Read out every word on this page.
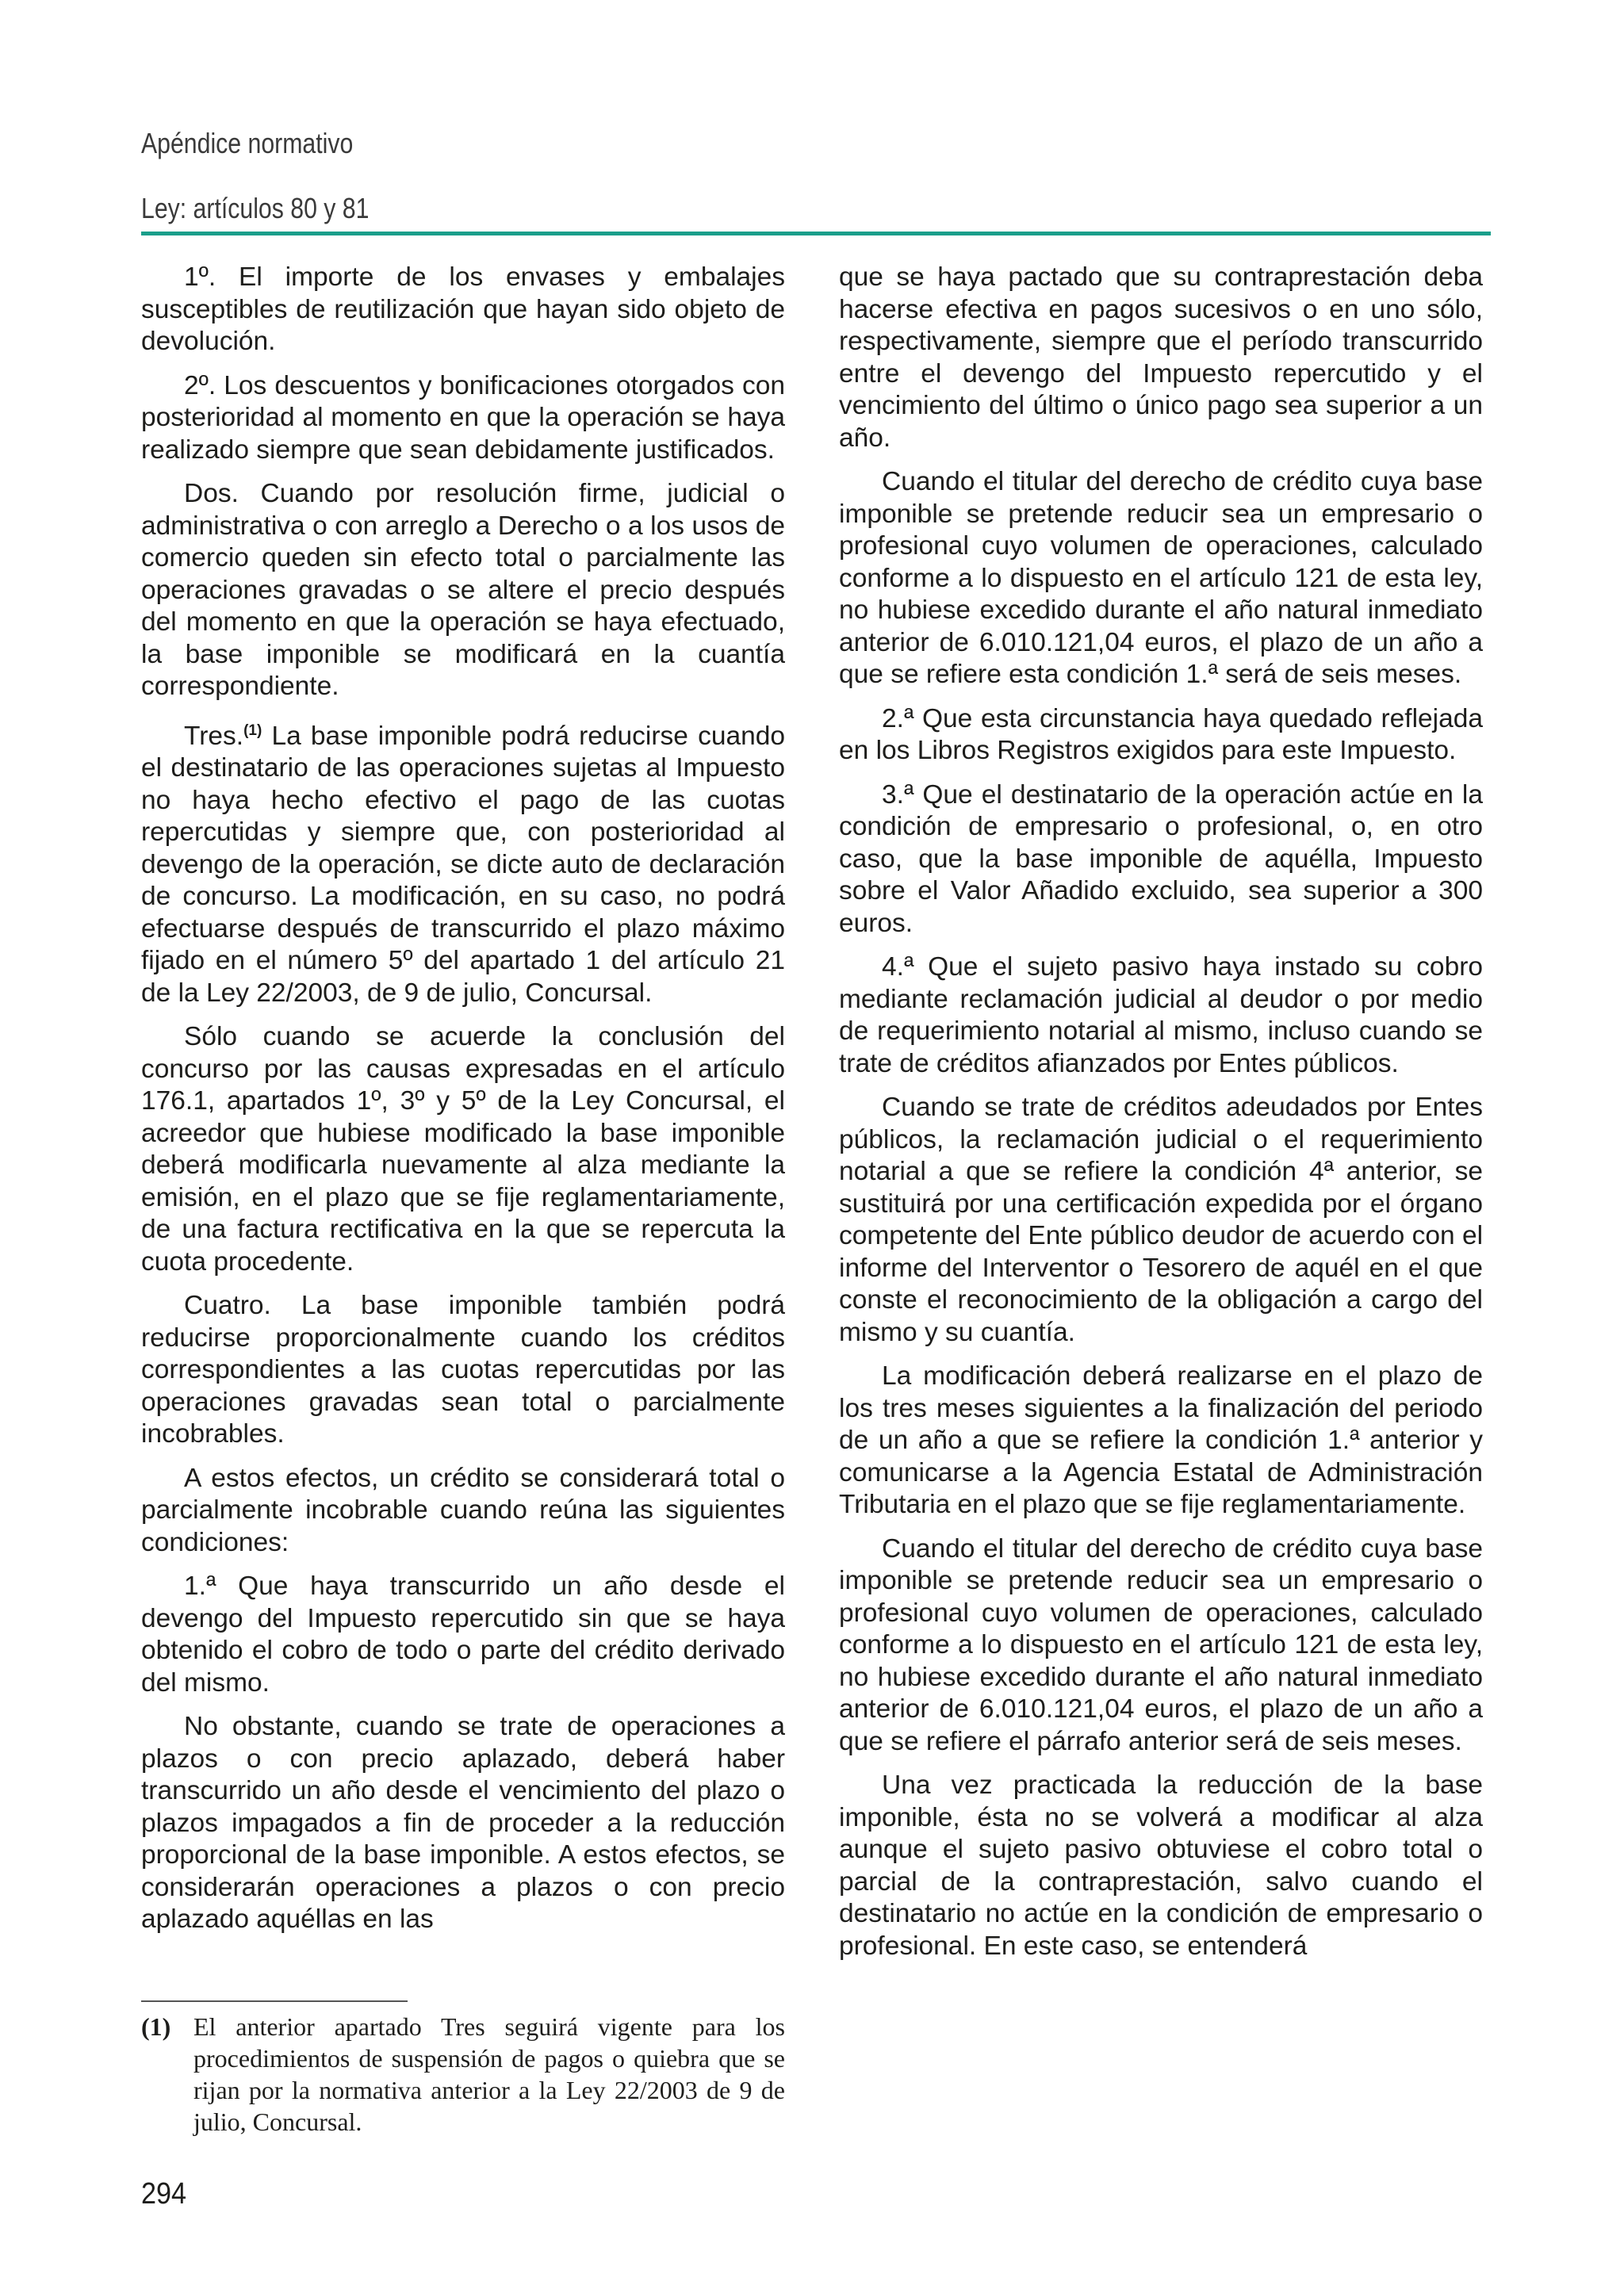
Apéndice normativo
Ley: artículos 80 y 81

1º. El importe de los envases y embalajes susceptibles de reutilización que hayan sido objeto de devolución.

2º. Los descuentos y bonificaciones otorgados con posterioridad al momento en que la operación se haya realizado siempre que sean debidamente justificados.

Dos. Cuando por resolución firme, judicial o administrativa o con arreglo a Derecho o a los usos de comercio queden sin efecto total o parcialmente las operaciones gravadas o se altere el precio después del momento en que la operación se haya efectuado, la base imponible se modificará en la cuantía correspondiente.

Tres.$^{(1)}$ La base imponible podrá reducirse cuando el destinatario de las operaciones sujetas al Impuesto no haya hecho efectivo el pago de las cuotas repercutidas y siempre que, con posterioridad al devengo de la operación, se dicte auto de declaración de concurso. La modificación, en su caso, no podrá efectuarse después de transcurrido el plazo máximo fijado en el número 5º del apartado 1 del artículo 21 de la Ley 22/2003, de 9 de julio, Concursal.

Sólo cuando se acuerde la conclusión del concurso por las causas expresadas en el artículo 176.1, apartados 1º, 3º y 5º de la Ley Concursal, el acreedor que hubiese modificado la base imponible deberá modificarla nuevamente al alza mediante la emisión, en el plazo que se fije reglamentariamente, de una factura rectificativa en la que se repercuta la cuota procedente.

Cuatro. La base imponible también podrá reducirse proporcionalmente cuando los créditos correspondientes a las cuotas repercutidas por las operaciones gravadas sean total o parcialmente incobrables.

A estos efectos, un crédito se considerará total o parcialmente incobrable cuando reúna las siguientes condiciones:

1.ª Que haya transcurrido un año desde el devengo del Impuesto repercutido sin que se haya obtenido el cobro de todo o parte del crédito derivado del mismo.

No obstante, cuando se trate de operaciones a plazos o con precio aplazado, deberá haber transcurrido un año desde el vencimiento del plazo o plazos impagados a fin de proceder a la reducción proporcional de la base imponible. A estos efectos, se considerarán operaciones a plazos o con precio aplazado aquéllas en las

que se haya pactado que su contraprestación deba hacerse efectiva en pagos sucesivos o en uno sólo, respectivamente, siempre que el período transcurrido entre el devengo del Impuesto repercutido y el vencimiento del último o único pago sea superior a un año.

Cuando el titular del derecho de crédito cuya base imponible se pretende reducir sea un empresario o profesional cuyo volumen de operaciones, calculado conforme a lo dispuesto en el artículo 121 de esta ley, no hubiese excedido durante el año natural inmediato anterior de 6.010.121,04 euros, el plazo de un año a que se refiere esta condición 1.ª será de seis meses.

2.ª Que esta circunstancia haya quedado reflejada en los Libros Registros exigidos para este Impuesto.

3.ª Que el destinatario de la operación actúe en la condición de empresario o profesional, o, en otro caso, que la base imponible de aquélla, Impuesto sobre el Valor Añadido excluido, sea superior a 300 euros.

4.ª Que el sujeto pasivo haya instado su cobro mediante reclamación judicial al deudor o por medio de requerimiento notarial al mismo, incluso cuando se trate de créditos afianzados por Entes públicos.

Cuando se trate de créditos adeudados por Entes públicos, la reclamación judicial o el requerimiento notarial a que se refiere la condición 4ª anterior, se sustituirá por una certificación expedida por el órgano competente del Ente público deudor de acuerdo con el informe del Interventor o Tesorero de aquél en el que conste el reconocimiento de la obligación a cargo del mismo y su cuantía.

La modificación deberá realizarse en el plazo de los tres meses siguientes a la finalización del periodo de un año a que se refiere la condición 1.ª anterior y comunicarse a la Agencia Estatal de Administración Tributaria en el plazo que se fije reglamentariamente.

Cuando el titular del derecho de crédito cuya base imponible se pretende reducir sea un empresario o profesional cuyo volumen de operaciones, calculado conforme a lo dispuesto en el artículo 121 de esta ley, no hubiese excedido durante el año natural inmediato anterior de 6.010.121,04 euros, el plazo de un año a que se refiere el párrafo anterior será de seis meses.

Una vez practicada la reducción de la base imponible, ésta no se volverá a modificar al alza aunque el sujeto pasivo obtuviese el cobro total o parcial de la contraprestación, salvo cuando el destinatario no actúe en la condición de empresario o profesional. En este caso, se entenderá

(1) El anterior apartado Tres seguirá vigente para los procedimientos de suspensión de pagos o quiebra que se rijan por la normativa anterior a la Ley 22/2003 de 9 de julio, Concursal.
294
